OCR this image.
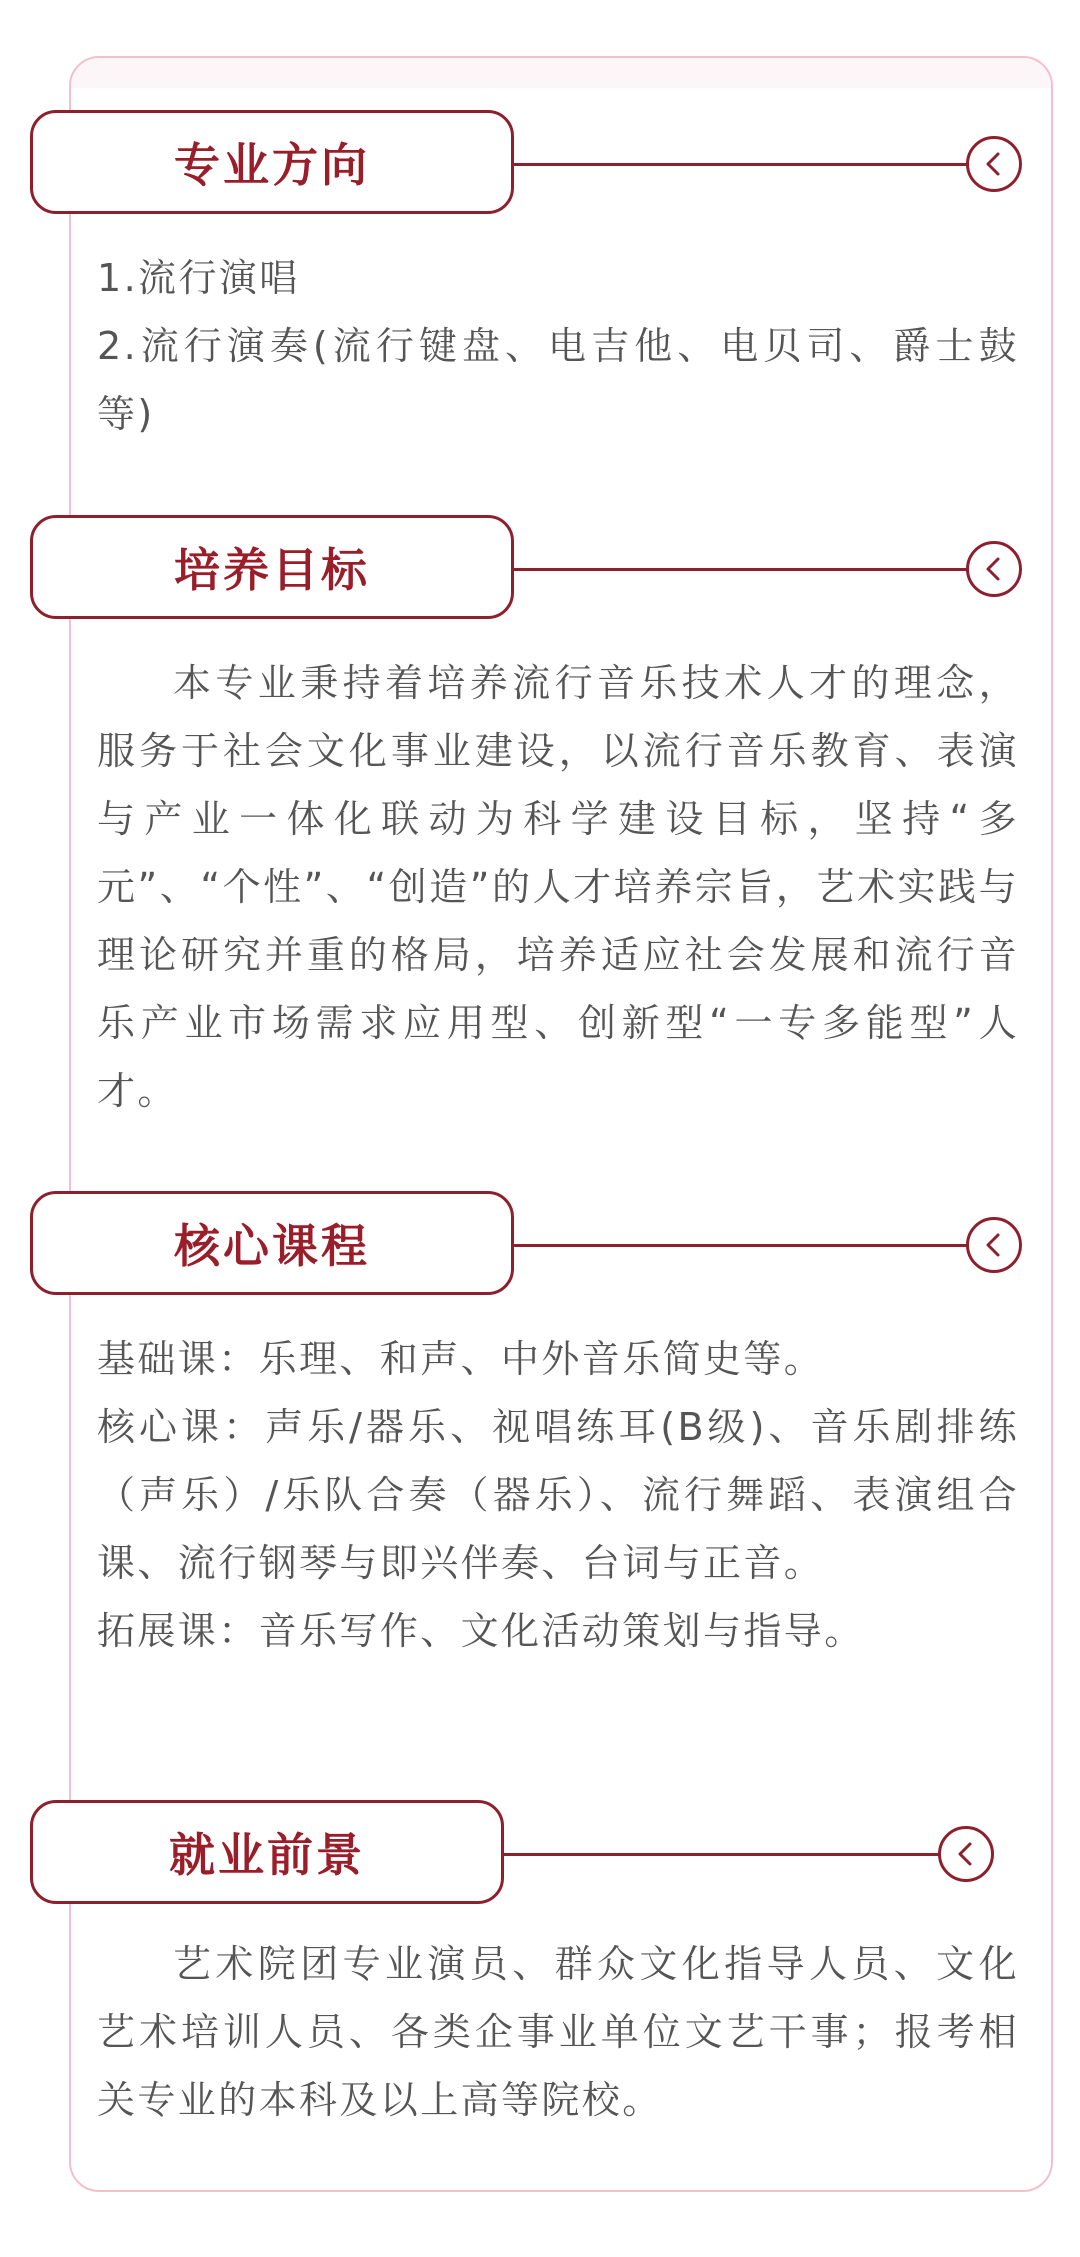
专业方向

1.流行演唱

2.流行演奏(流行键盘、电吉他、电贝司、爵士鼓等)

培养目标

本专业秉持着培养流行音乐技术人才的理念，服务于社会文化事业建设，以流行音乐教育、表演与产业一体化联动为科学建设目标，坚持“多元”、“个性”、“创造”的人才培养宗旨，艺术实践与理论研究并重的格局，培养适应社会发展和流行音乐产业市场需求应用型、创新型“一专多能型”人才。

核心课程

基础课：乐理、和声、中外音乐简史等。

核心课：声乐/器乐、视唱练耳(B级)、音乐剧排练（声乐）/乐队合奏（器乐）、流行舞蹈、表演组合课、流行钢琴与即兴伴奏、台词与正音。

拓展课：音乐写作、文化活动策划与指导。

就业前景

艺术院团专业演员、群众文化指导人员、文化艺术培训人员、各类企事业单位文艺干事；报考相关专业的本科及以上高等院校。
